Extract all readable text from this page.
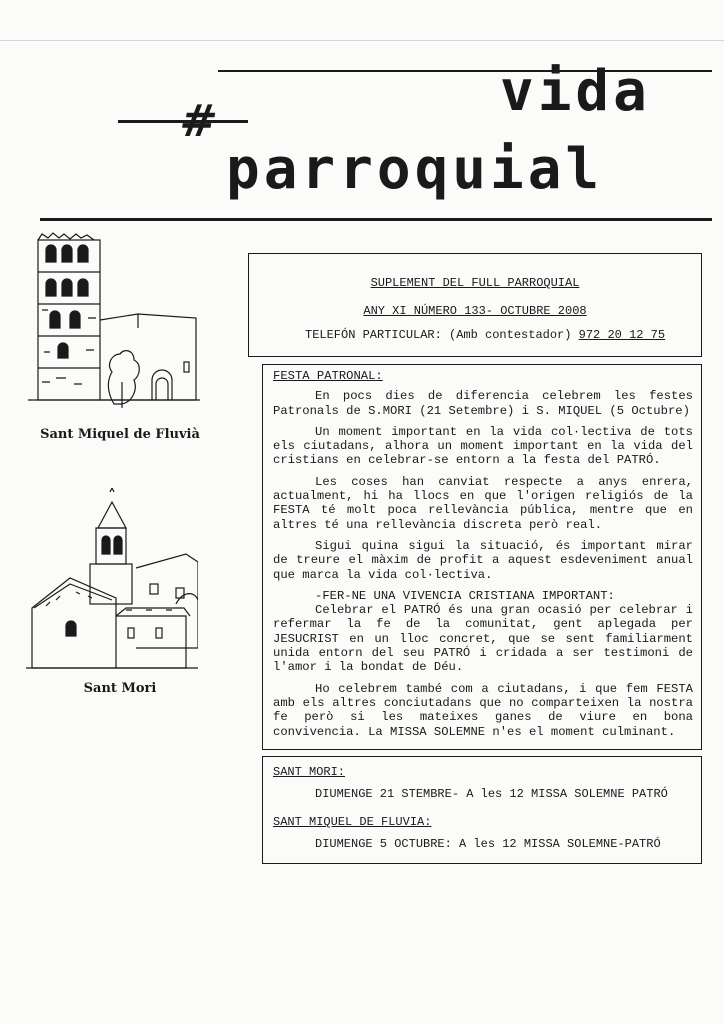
vida
#
parroquial
Sant Miquel de Fluvià
Sant Mori
SUPLEMENT DEL FULL PARROQUIAL
ANY XI NÚMERO 133- OCTUBRE 2008
TELEFÓN PARTICULAR: (Amb contestador) 972 20 12 75
FESTA PATRONAL:

En pocs dies de diferencia celebrem les festes Patronals de S.MORI (21 Setembre) i S. MIQUEL (5 Octubre)

Un moment important en la vida col·lectiva de tots els ciutadans, alhora un moment important en la vida del cristians en celebrar-se entorn a la festa del PATRÓ.

Les coses han canviat respecte a anys enrera, actualment, hi ha llocs en que l'origen religiós de la FESTA té molt poca rellevància pública, mentre que en altres té una rellevància discreta però real.

Sigui quina sigui la situació, és important mirar de treure el màxim de profit a aquest esdeveniment anual que marca la vida col·lectiva.

-FER-NE UNA VIVENCIA CRISTIANA IMPORTANT:

Celebrar el PATRÓ és una gran ocasió per celebrar i refermar la fe de la comunitat, gent aplegada per JESUCRIST en un lloc concret, que se sent familiarment unida entorn del seu PATRÓ i cridada a ser testimoni de l'amor i la bondat de Déu.

Ho celebrem també com a ciutadans, i que fem FESTA amb els altres conciutadans que no comparteixen la nostra fe però si les mateixes ganes de viure en bona convivencia. La MISSA SOLEMNE n'es el moment culminant.

SANT MORI:
DIUMENGE 21 STEMBRE- A les 12 MISSA SOLEMNE PATRÓ
SANT MIQUEL DE FLUVIA:
DIUMENGE 5 OCTUBRE: A les 12 MISSA SOLEMNE-PATRÓ
